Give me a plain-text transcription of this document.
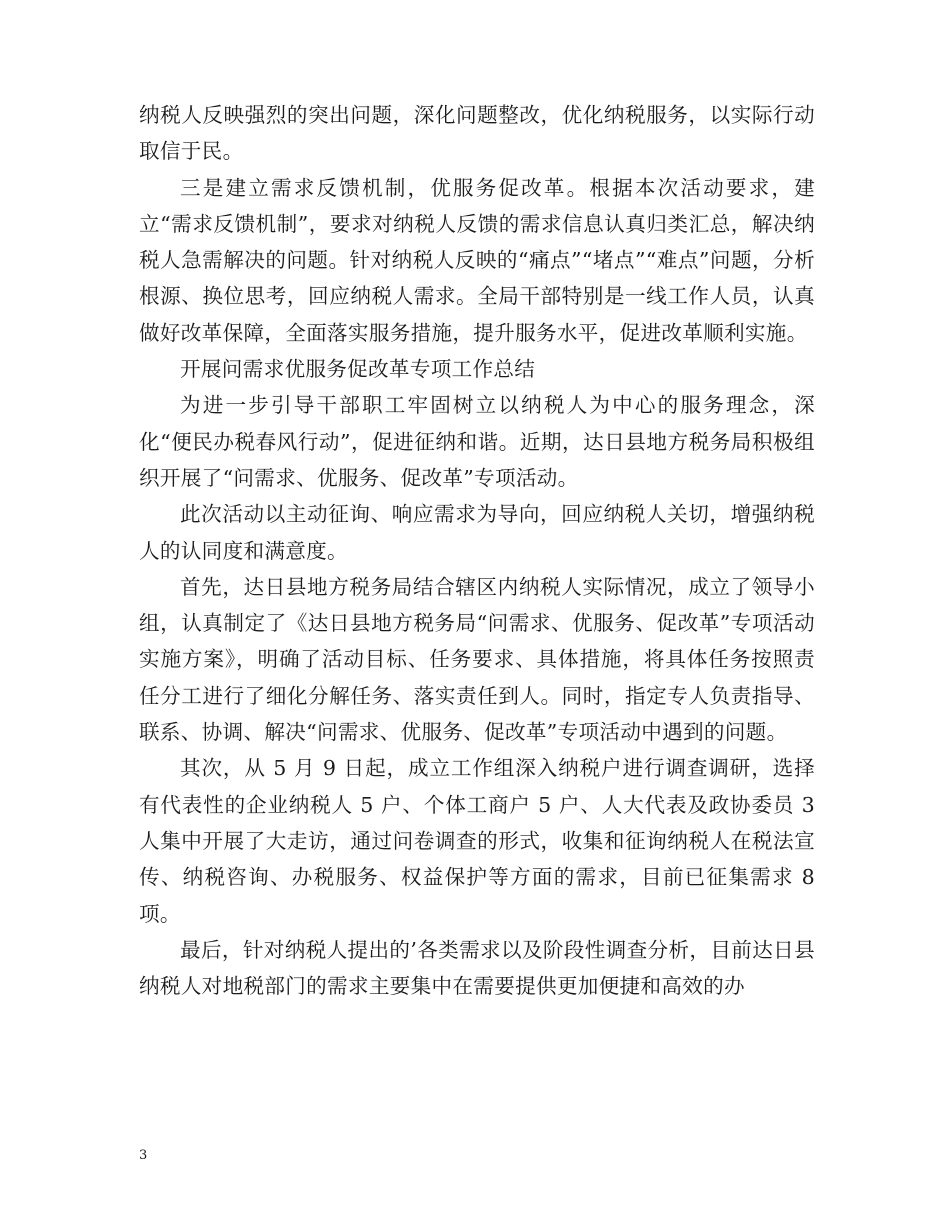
纳税人反映强烈的突出问题，深化问题整改，优化纳税服务，以实际行动取信于民。

三是建立需求反馈机制，优服务促改革。根据本次活动要求，建立“需求反馈机制”，要求对纳税人反馈的需求信息认真归类汇总，解决纳税人急需解决的问题。针对纳税人反映的“痛点”“堵点”“难点”问题，分析根源、换位思考，回应纳税人需求。全局干部特别是一线工作人员，认真做好改革保障，全面落实服务措施，提升服务水平，促进改革顺利实施。

开展问需求优服务促改革专项工作总结

为进一步引导干部职工牢固树立以纳税人为中心的服务理念，深化“便民办税春风行动”，促进征纳和谐。近期，达日县地方税务局积极组织开展了“问需求、优服务、促改革”专项活动。

此次活动以主动征询、响应需求为导向，回应纳税人关切，增强纳税人的认同度和满意度。

首先，达日县地方税务局结合辖区内纳税人实际情况，成立了领导小组，认真制定了《达日县地方税务局“问需求、优服务、促改革”专项活动实施方案》，明确了活动目标、任务要求、具体措施，将具体任务按照责任分工进行了细化分解任务、落实责任到人。同时，指定专人负责指导、联系、协调、解决“问需求、优服务、促改革”专项活动中遇到的问题。

其次，从 5 月 9 日起，成立工作组深入纳税户进行调查调研，选择有代表性的企业纳税人 5 户、个体工商户 5 户、人大代表及政协委员 3 人集中开展了大走访，通过问卷调查的形式，收集和征询纳税人在税法宣传、纳税咨询、办税服务、权益保护等方面的需求，目前已征集需求 8 项。

最后，针对纳税人提出的’各类需求以及阶段性调查分析，目前达日县纳税人对地税部门的需求主要集中在需要提供更加便捷和高效的办

3
